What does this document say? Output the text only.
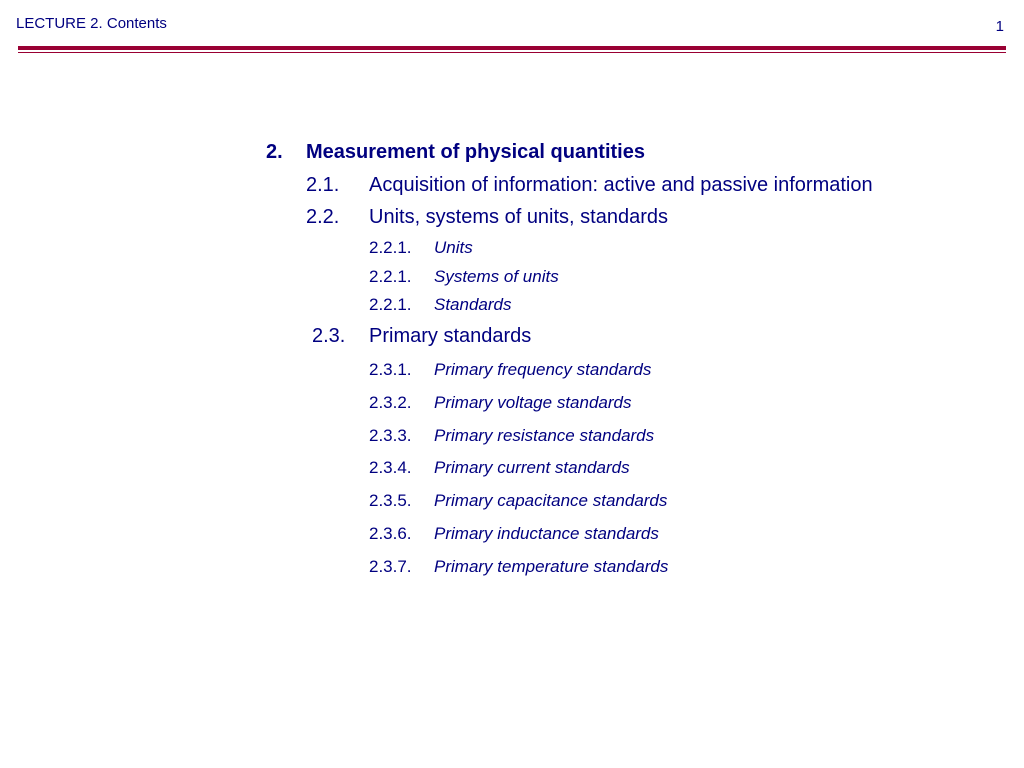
LECTURE 2. Contents	1
2. Measurement of physical quantities
2.1. Acquisition of information: active and passive information
2.2. Units, systems of units, standards
2.2.1. Units
2.2.1. Systems of units
2.2.1. Standards
2.3. Primary standards
2.3.1. Primary frequency standards
2.3.2. Primary voltage standards
2.3.3. Primary resistance standards
2.3.4. Primary current standards
2.3.5. Primary capacitance standards
2.3.6. Primary inductance standards
2.3.7. Primary temperature standards
